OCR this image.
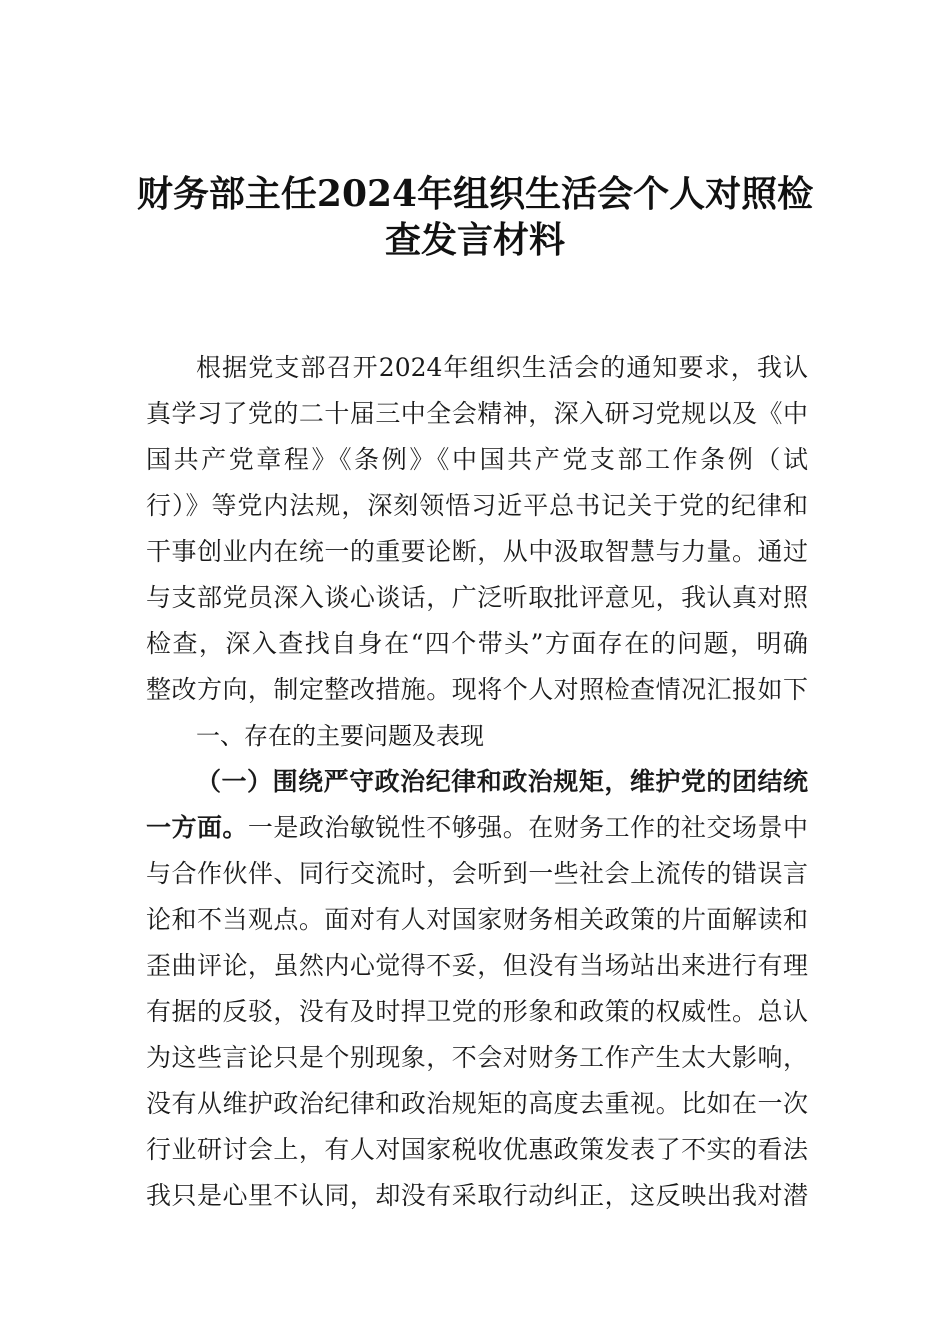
财务部主任2024年组织生活会个人对照检
查发言材料
根据党支部召开2024年组织生活会的通知要求，我认
真学习了党的二十届三中全会精神，深入研习党规以及《中
国共产党章程》《条例》《中国共产党支部工作条例（试
行）》等党内法规，深刻领悟习近平总书记关于党的纪律和
干事创业内在统一的重要论断，从中汲取智慧与力量。通过
与支部党员深入谈心谈话，广泛听取批评意见，我认真对照
检查，深入查找自身在“四个带头”方面存在的问题，明确
整改方向，制定整改措施。现将个人对照检查情况汇报如下
一、存在的主要问题及表现
（一）围绕严守政治纪律和政治规矩，维护党的团结统
一方面。一是政治敏锐性不够强。在财务工作的社交场景中
与合作伙伴、同行交流时，会听到一些社会上流传的错误言
论和不当观点。面对有人对国家财务相关政策的片面解读和
歪曲评论，虽然内心觉得不妥，但没有当场站出来进行有理
有据的反驳，没有及时捍卫党的形象和政策的权威性。总认
为这些言论只是个别现象，不会对财务工作产生太大影响，
没有从维护政治纪律和政治规矩的高度去重视。比如在一次
行业研讨会上，有人对国家税收优惠政策发表了不实的看法
我只是心里不认同，却没有采取行动纠正，这反映出我对潜
